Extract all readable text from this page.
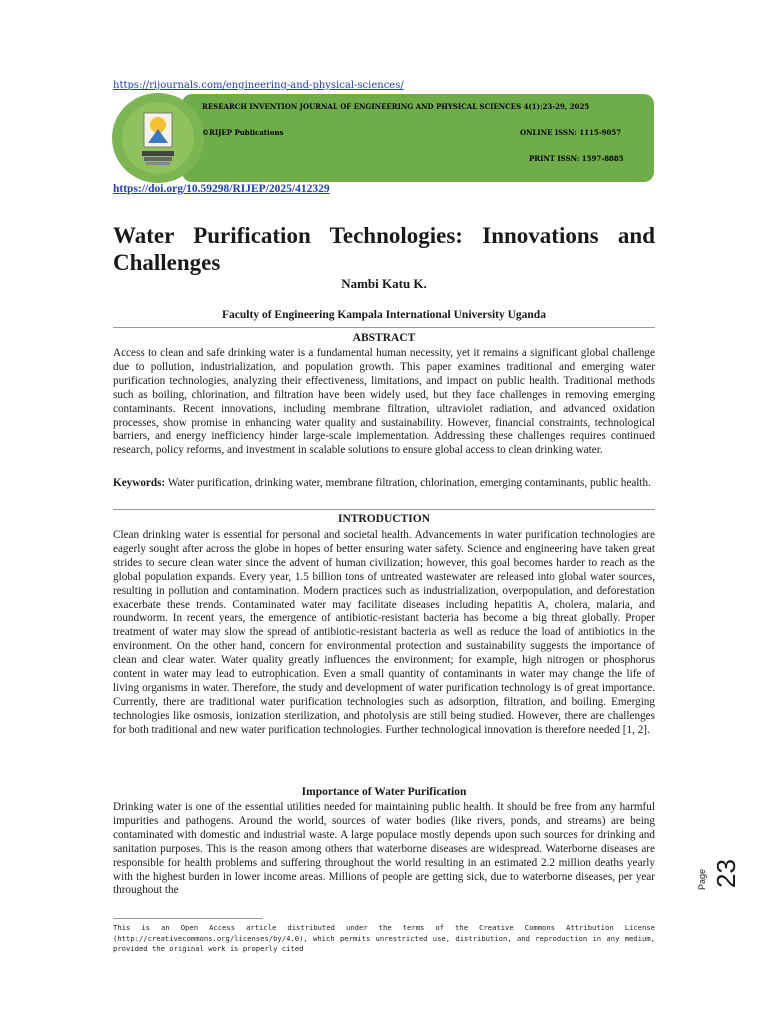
https://rijournals.com/engineering-and-physical-sciences/
RESEARCH INVENTION JOURNAL OF ENGINEERING AND PHYSICAL SCIENCES 4(1):23-29, 2025
©RIJEP Publications	ONLINE ISSN: 1115-9057
PRINT ISSN: 1597-8885
https://doi.org/10.59298/RIJEP/2025/412329
Water Purification Technologies: Innovations and Challenges
Nambi Katu K.
Faculty of Engineering Kampala International University Uganda
ABSTRACT
Access to clean and safe drinking water is a fundamental human necessity, yet it remains a significant global challenge due to pollution, industrialization, and population growth. This paper examines traditional and emerging water purification technologies, analyzing their effectiveness, limitations, and impact on public health. Traditional methods such as boiling, chlorination, and filtration have been widely used, but they face challenges in removing emerging contaminants. Recent innovations, including membrane filtration, ultraviolet radiation, and advanced oxidation processes, show promise in enhancing water quality and sustainability. However, financial constraints, technological barriers, and energy inefficiency hinder large-scale implementation. Addressing these challenges requires continued research, policy reforms, and investment in scalable solutions to ensure global access to clean drinking water.
Keywords: Water purification, drinking water, membrane filtration, chlorination, emerging contaminants, public health.
INTRODUCTION
Clean drinking water is essential for personal and societal health. Advancements in water purification technologies are eagerly sought after across the globe in hopes of better ensuring water safety. Science and engineering have taken great strides to secure clean water since the advent of human civilization; however, this goal becomes harder to reach as the global population expands. Every year, 1.5 billion tons of untreated wastewater are released into global water sources, resulting in pollution and contamination. Modern practices such as industrialization, overpopulation, and deforestation exacerbate these trends. Contaminated water may facilitate diseases including hepatitis A, cholera, malaria, and roundworm. In recent years, the emergence of antibiotic-resistant bacteria has become a big threat globally. Proper treatment of water may slow the spread of antibiotic-resistant bacteria as well as reduce the load of antibiotics in the environment. On the other hand, concern for environmental protection and sustainability suggests the importance of clean and clear water. Water quality greatly influences the environment; for example, high nitrogen or phosphorus content in water may lead to eutrophication. Even a small quantity of contaminants in water may change the life of living organisms in water. Therefore, the study and development of water purification technology is of great importance. Currently, there are traditional water purification technologies such as adsorption, filtration, and boiling. Emerging technologies like osmosis, ionization sterilization, and photolysis are still being studied. However, there are challenges for both traditional and new water purification technologies. Further technological innovation is therefore needed [1, 2].
Importance of Water Purification
Drinking water is one of the essential utilities needed for maintaining public health. It should be free from any harmful impurities and pathogens. Around the world, sources of water bodies (like rivers, ponds, and streams) are being contaminated with domestic and industrial waste. A large populace mostly depends upon such sources for drinking and sanitation purposes. This is the reason among others that waterborne diseases are widespread. Waterborne diseases are responsible for health problems and suffering throughout the world resulting in an estimated 2.2 million deaths yearly with the highest burden in lower income areas. Millions of people are getting sick, due to waterborne diseases, per year throughout the
Page 23
This is an Open Access article distributed under the terms of the Creative Commons Attribution License (http://creativecommons.org/licenses/by/4.0), which permits unrestricted use, distribution, and reproduction in any medium, provided the original work is properly cited
